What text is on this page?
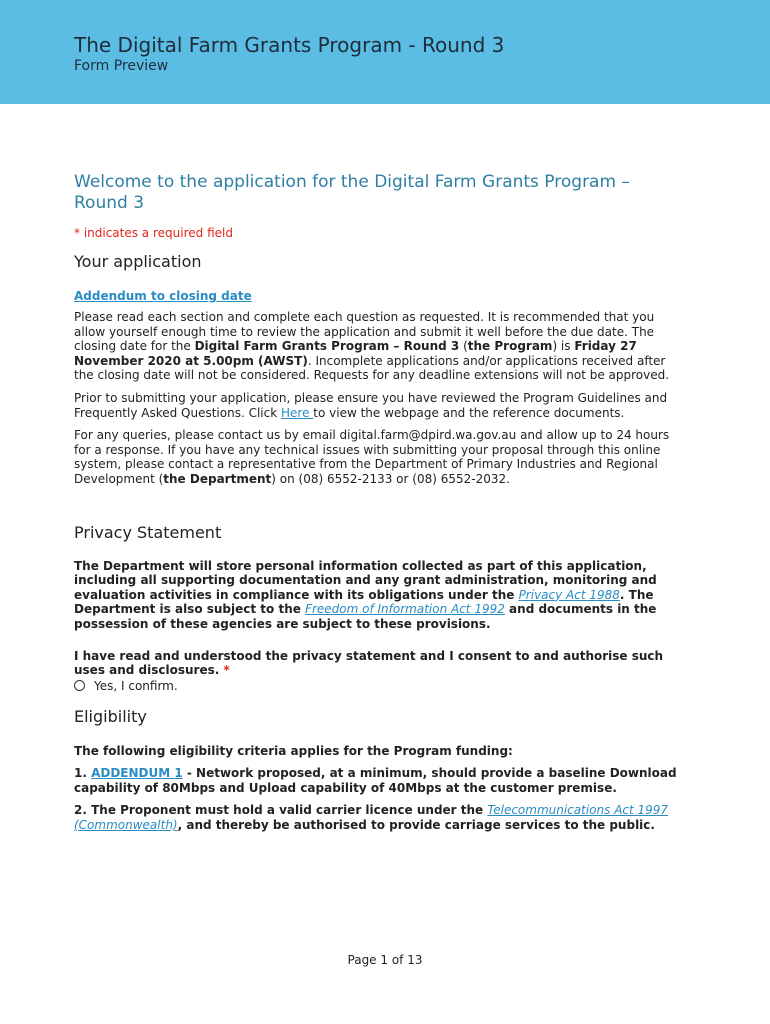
The Digital Farm Grants Program - Round 3
Form Preview
Welcome to the application for the Digital Farm Grants Program – Round 3
* indicates a required field
Your application
Addendum to closing date

Please read each section and complete each question as requested. It is recommended that you allow yourself enough time to review the application and submit it well before the due date. The closing date for the Digital Farm Grants Program – Round 3 (the Program) is Friday 27 November 2020 at 5.00pm (AWST). Incomplete applications and/or applications received after the closing date will not be considered. Requests for any deadline extensions will not be approved.

Prior to submitting your application, please ensure you have reviewed the Program Guidelines and Frequently Asked Questions. Click Here to view the webpage and the reference documents.

For any queries, please contact us by email digital.farm@dpird.wa.gov.au and allow up to 24 hours for a response. If you have any technical issues with submitting your proposal through this online system, please contact a representative from the Department of Primary Industries and Regional Development (the Department) on (08) 6552-2133 or (08) 6552-2032.

Privacy Statement

The Department will store personal information collected as part of this application, including all supporting documentation and any grant administration, monitoring and evaluation activities in compliance with its obligations under the Privacy Act 1988. The Department is also subject to the Freedom of Information Act 1992 and documents in the possession of these agencies are subject to these provisions.

I have read and understood the privacy statement and I consent to and authorise such uses and disclosures. *

Yes, I confirm.
Eligibility

The following eligibility criteria applies for the Program funding:

1. ADDENDUM 1 - Network proposed, at a minimum, should provide a baseline Download capability of 80Mbps and Upload capability of 40Mbps at the customer premise.

2. The Proponent must hold a valid carrier licence under the Telecommunications Act 1997 (Commonwealth), and thereby be authorised to provide carriage services to the public.

Page 1 of 13
